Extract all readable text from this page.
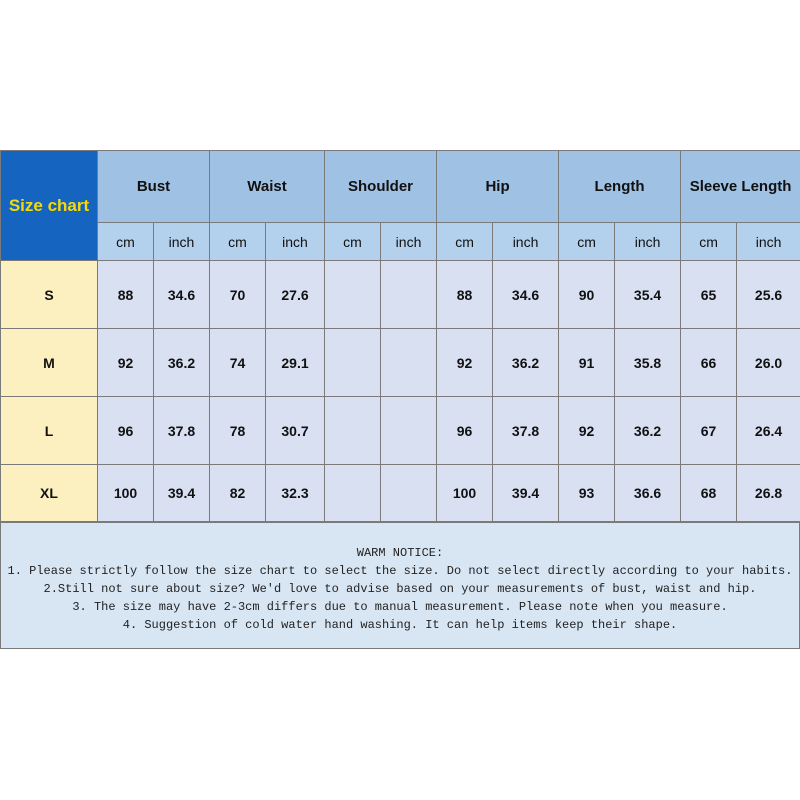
Size chart	Bust		Waist		Shoulder		Hip		Length		Sleeve Length	
	cm	inch	cm	inch	cm	inch	cm	inch	cm	inch	cm	inch
S	88	34.6	70	27.6			88	34.6	90	35.4	65	25.6
M	92	36.2	74	29.1			92	36.2	91	35.8	66	26.0
L	96	37.8	78	30.7			96	37.8	92	36.2	67	26.4
XL	100	39.4	82	32.3			100	39.4	93	36.6	68	26.8
WARM NOTICE:
1. Please strictly follow the size chart to select the size. Do not select directly according to your habits.
2.Still not sure about size? We'd love to advise based on your measurements of bust, waist and hip.
3. The size may have 2-3cm differs due to manual measurement. Please note when you measure.
4. Suggestion of cold water hand washing. It can help items keep their shape.
